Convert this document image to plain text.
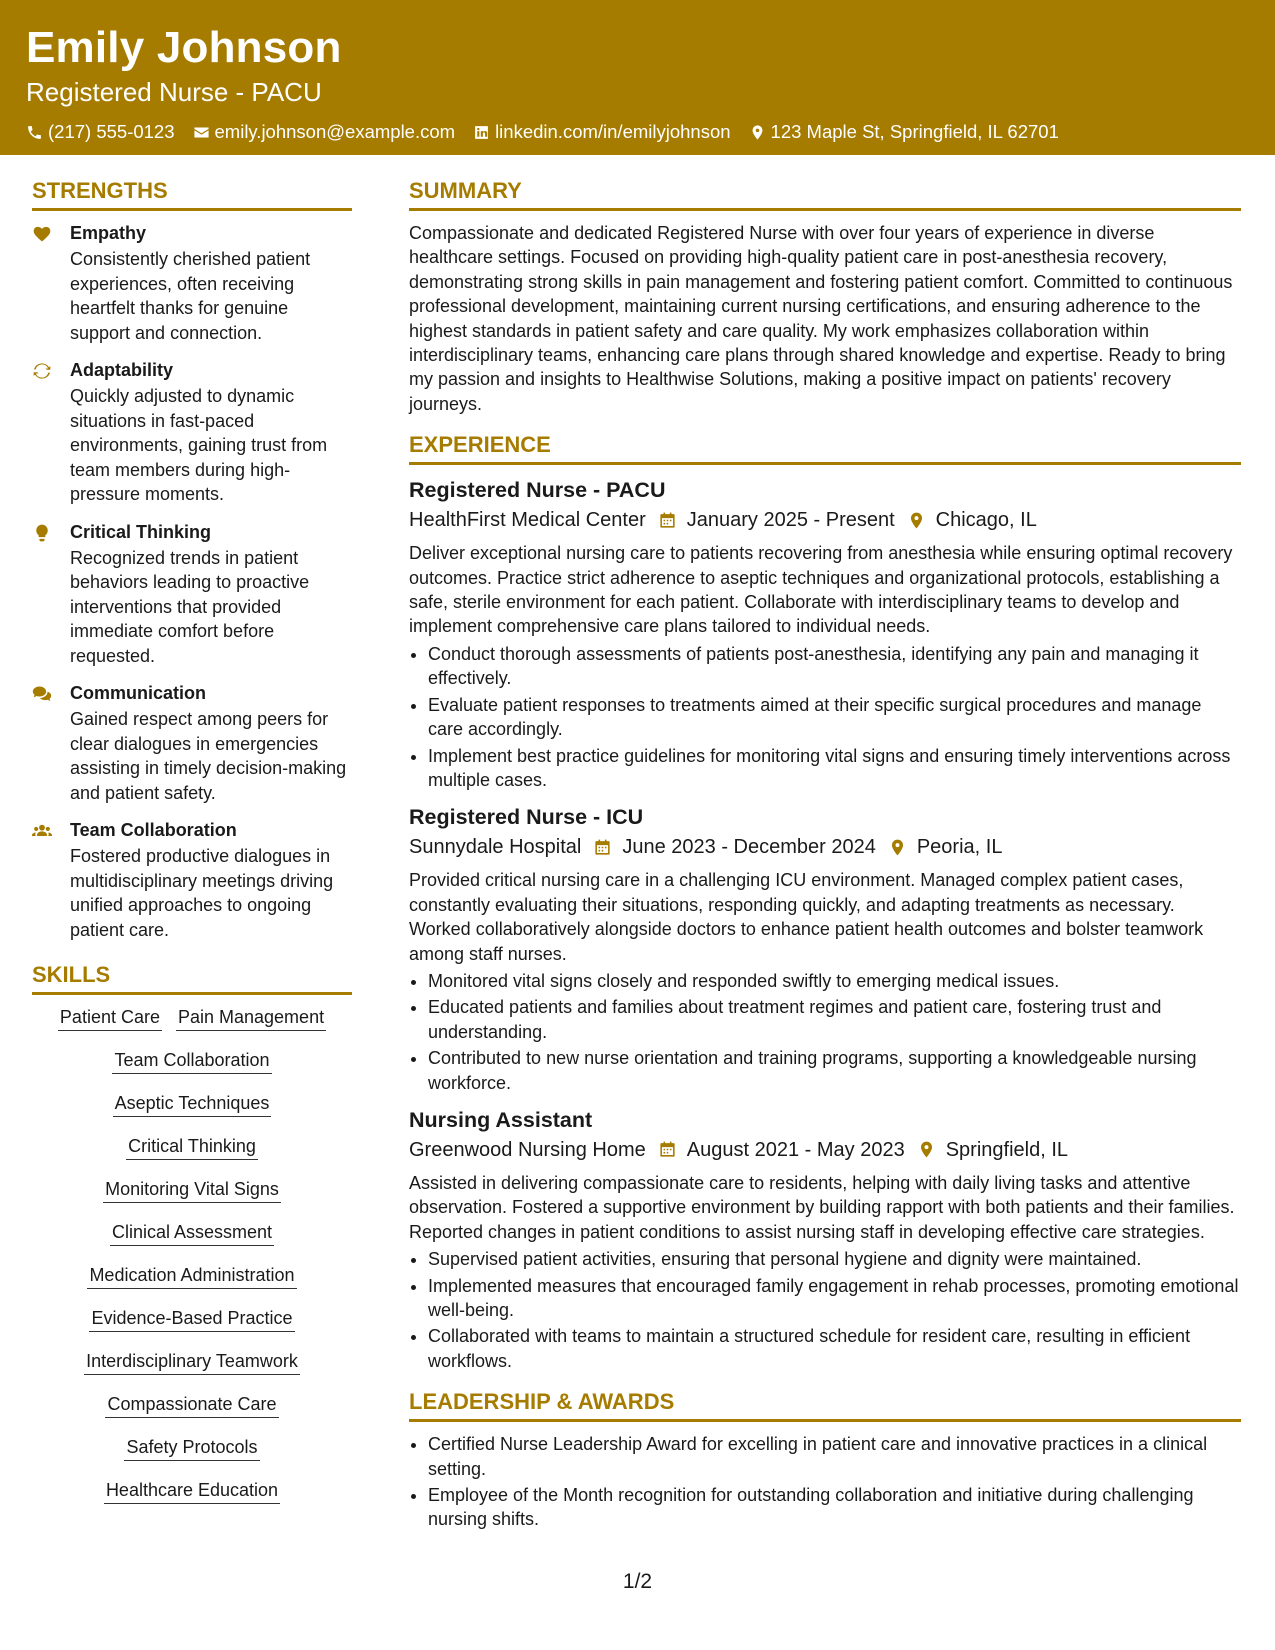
Emily Johnson
Registered Nurse - PACU
(217) 555-0123 emily.johnson@example.com linkedin.com/in/emilyjohnson 123 Maple St, Springfield, IL 62701
STRENGTHS
Empathy
Consistently cherished patient experiences, often receiving heartfelt thanks for genuine support and connection.
Adaptability
Quickly adjusted to dynamic situations in fast-paced environments, gaining trust from team members during high-pressure moments.
Critical Thinking
Recognized trends in patient behaviors leading to proactive interventions that provided immediate comfort before requested.
Communication
Gained respect among peers for clear dialogues in emergencies assisting in timely decision-making and patient safety.
Team Collaboration
Fostered productive dialogues in multidisciplinary meetings driving unified approaches to ongoing patient care.
SKILLS
Patient Care Pain Management
Team Collaboration
Aseptic Techniques
Critical Thinking
Monitoring Vital Signs
Clinical Assessment
Medication Administration
Evidence-Based Practice
Interdisciplinary Teamwork
Compassionate Care
Safety Protocols
Healthcare Education
SUMMARY
Compassionate and dedicated Registered Nurse with over four years of experience in diverse healthcare settings. Focused on providing high-quality patient care in post-anesthesia recovery, demonstrating strong skills in pain management and fostering patient comfort. Committed to continuous professional development, maintaining current nursing certifications, and ensuring adherence to the highest standards in patient safety and care quality. My work emphasizes collaboration within interdisciplinary teams, enhancing care plans through shared knowledge and expertise. Ready to bring my passion and insights to Healthwise Solutions, making a positive impact on patients' recovery journeys.
EXPERIENCE
Registered Nurse - PACU
HealthFirst Medical Center January 2025 - Present Chicago, IL
Deliver exceptional nursing care to patients recovering from anesthesia while ensuring optimal recovery outcomes. Practice strict adherence to aseptic techniques and organizational protocols, establishing a safe, sterile environment for each patient. Collaborate with interdisciplinary teams to develop and implement comprehensive care plans tailored to individual needs.
• Conduct thorough assessments of patients post-anesthesia, identifying any pain and managing it effectively.
• Evaluate patient responses to treatments aimed at their specific surgical procedures and manage care accordingly.
• Implement best practice guidelines for monitoring vital signs and ensuring timely interventions across multiple cases.
Registered Nurse - ICU
Sunnydale Hospital June 2023 - December 2024 Peoria, IL
Provided critical nursing care in a challenging ICU environment. Managed complex patient cases, constantly evaluating their situations, responding quickly, and adapting treatments as necessary. Worked collaboratively alongside doctors to enhance patient health outcomes and bolster teamwork among staff nurses.
• Monitored vital signs closely and responded swiftly to emerging medical issues.
• Educated patients and families about treatment regimes and patient care, fostering trust and understanding.
• Contributed to new nurse orientation and training programs, supporting a knowledgeable nursing workforce.
Nursing Assistant
Greenwood Nursing Home August 2021 - May 2023 Springfield, IL
Assisted in delivering compassionate care to residents, helping with daily living tasks and attentive observation. Fostered a supportive environment by building rapport with both patients and their families. Reported changes in patient conditions to assist nursing staff in developing effective care strategies.
• Supervised patient activities, ensuring that personal hygiene and dignity were maintained.
• Implemented measures that encouraged family engagement in rehab processes, promoting emotional well-being.
• Collaborated with teams to maintain a structured schedule for resident care, resulting in efficient workflows.
LEADERSHIP & AWARDS
• Certified Nurse Leadership Award for excelling in patient care and innovative practices in a clinical setting.
• Employee of the Month recognition for outstanding collaboration and initiative during challenging nursing shifts.
1/2
